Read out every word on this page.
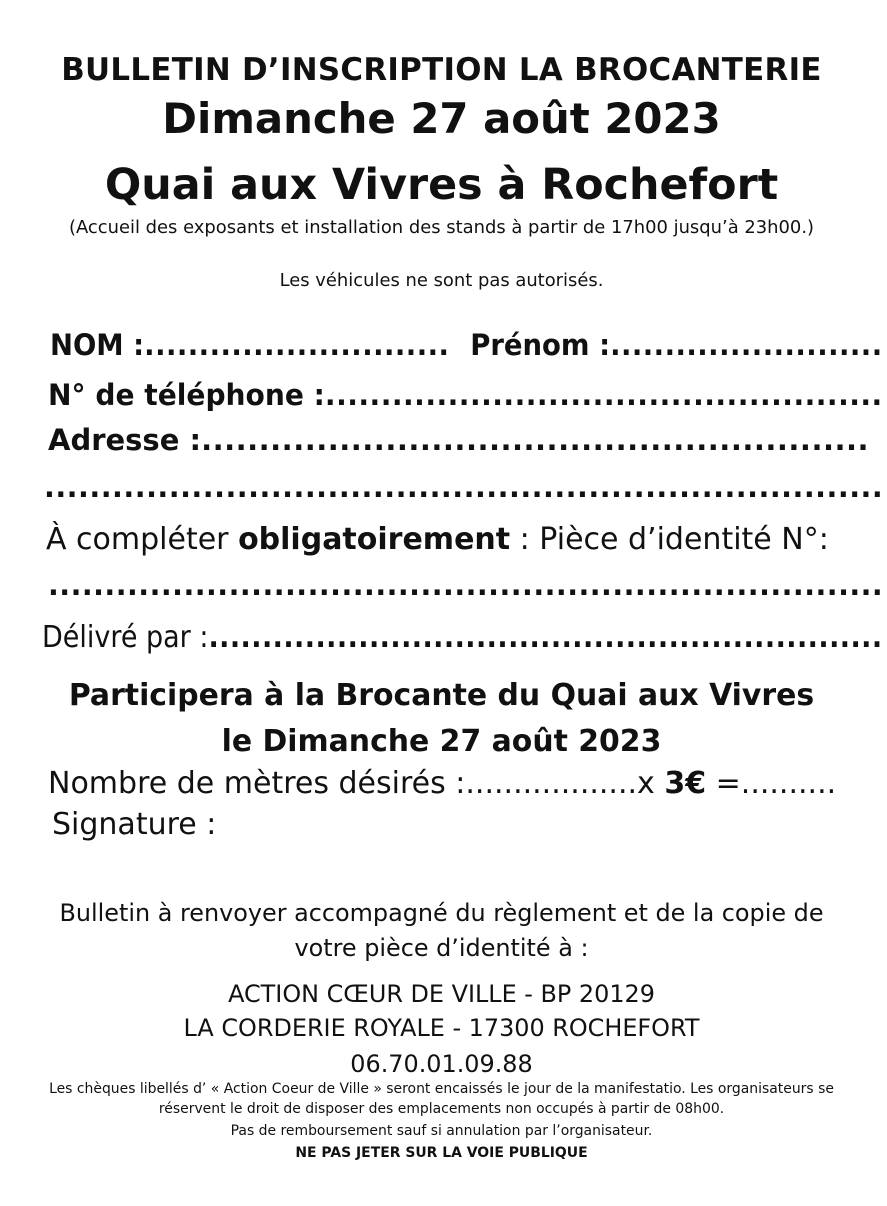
BULLETIN D’INSCRIPTION LA BROCANTERIE
Dimanche 27 août 2023
Quai aux Vivres à Rochefort
(Accueil des exposants et installation des stands à partir de 17h00 jusqu’à 23h00.)
Les véhicules ne sont pas autorisés.
NOM :............................ Prénom :.........................
N° de téléphone :..................................................
Adresse :..........................................................
..........................................................................
À compléter obligatoirement : Pièce d’identité N°:
..........................................................................
Délivré par :...............................................................
Participera à la Brocante du Quai aux Vivres
le Dimanche 27 août 2023
Nombre de mètres désirés :..................x 3€ =..........
Signature :
Bulletin à renvoyer accompagné du règlement et de la copie de
votre pièce d’identité à :
ACTION CŒUR DE VILLE - BP 20129
LA CORDERIE ROYALE - 17300 ROCHEFORT
06.70.01.09.88
Les chèques libellés d’ « Action Coeur de Ville » seront encaissés le jour de la manifestatio. Les organisateurs se
réservent le droit de disposer des emplacements non occupés à partir de 08h00.
Pas de remboursement sauf si annulation par l’organisateur.
NE PAS JETER SUR LA VOIE PUBLIQUE
